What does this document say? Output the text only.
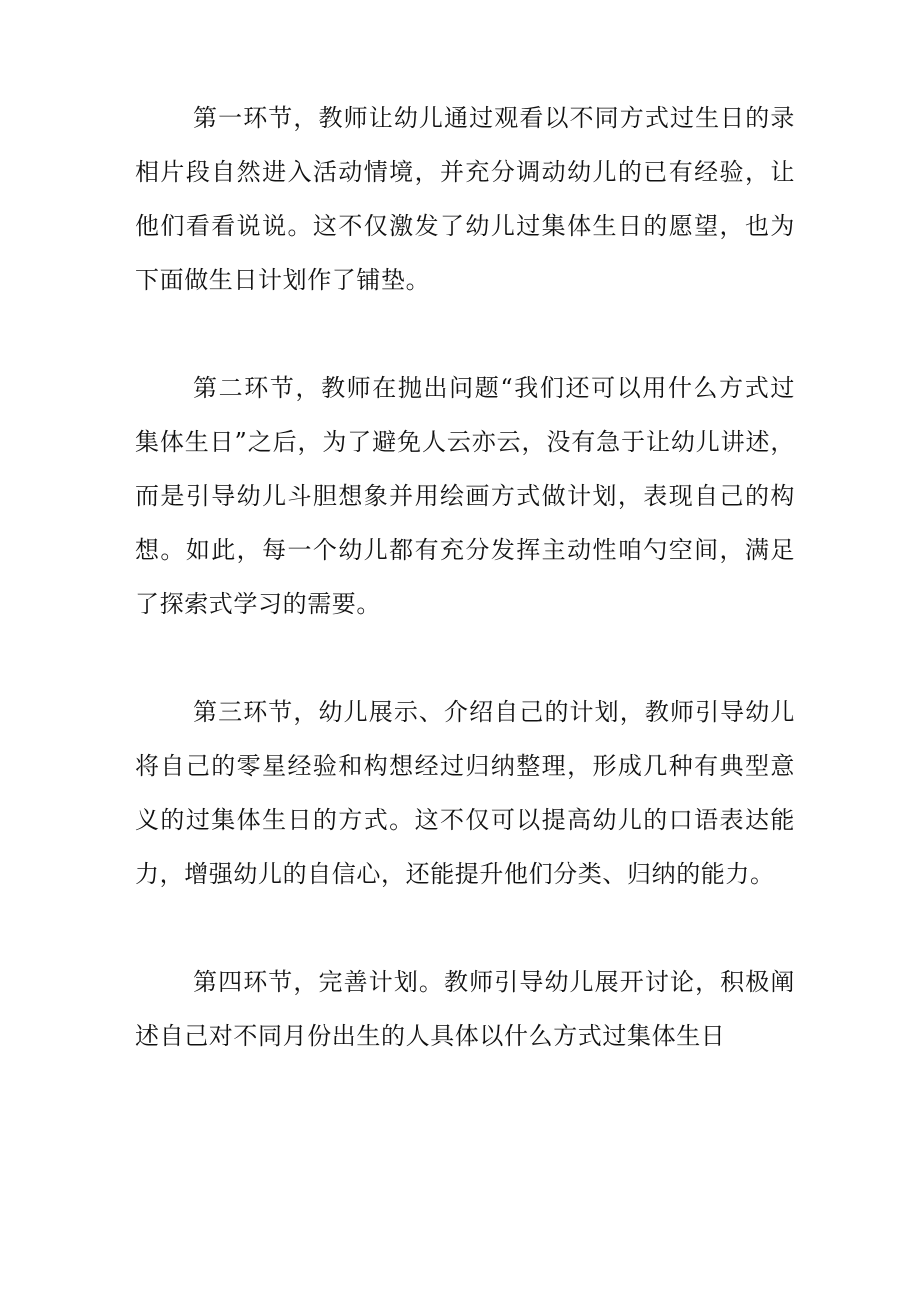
第一环节，教师让幼儿通过观看以不同方式过生日的录相片段自然进入活动情境，并充分调动幼儿的已有经验，让他们看看说说。这不仅激发了幼儿过集体生日的愿望，也为下面做生日计划作了铺垫。

第二环节，教师在抛出问题“我们还可以用什么方式过集体生日”之后，为了避免人云亦云，没有急于让幼儿讲述，而是引导幼儿斗胆想象并用绘画方式做计划，表现自己的构想。如此，每一个幼儿都有充分发挥主动性咱勺空间，满足了探索式学习的需要。

第三环节，幼儿展示、介绍自己的计划，教师引导幼儿将自己的零星经验和构想经过归纳整理，形成几种有典型意义的过集体生日的方式。这不仅可以提高幼儿的口语表达能力，增强幼儿的自信心，还能提升他们分类、归纳的能力。

第四环节，完善计划。教师引导幼儿展开讨论，积极阐述自己对不同月份出生的人具体以什么方式过集体生日
